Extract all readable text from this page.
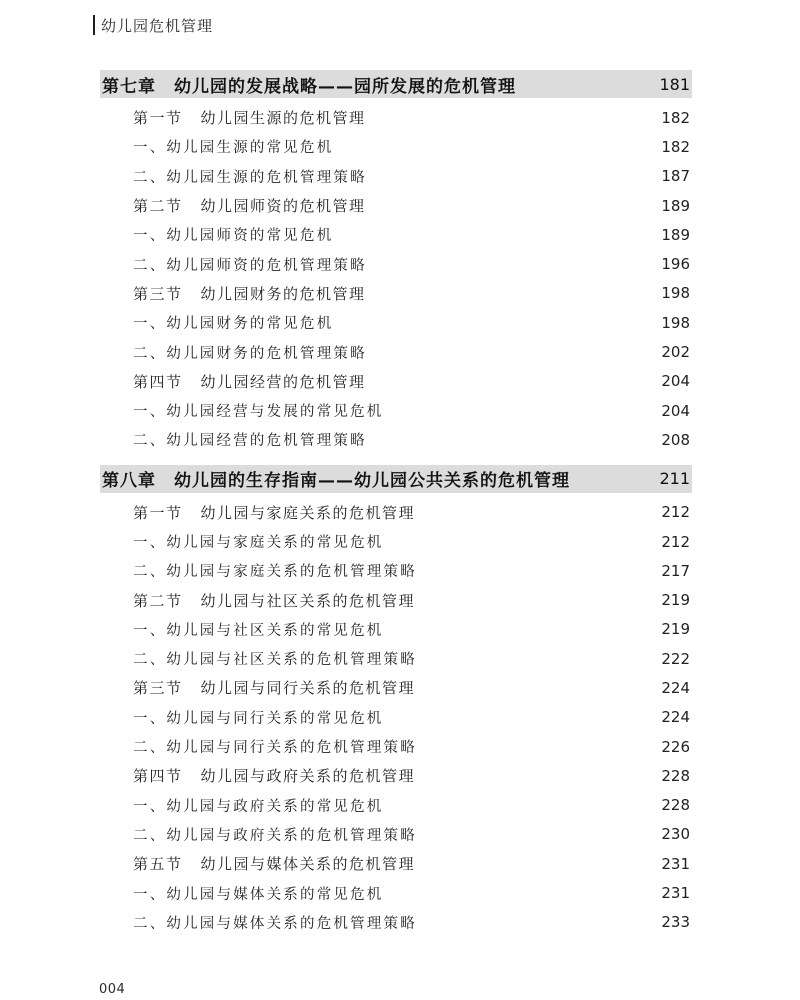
幼儿园危机管理
第七章　幼儿园的发展战略——园所发展的危机管理	181
第一节 幼儿园生源的危机管理	182
一、幼儿园生源的常见危机	182
二、幼儿园生源的危机管理策略	187
第二节 幼儿园师资的危机管理	189
一、幼儿园师资的常见危机	189
二、幼儿园师资的危机管理策略	196
第三节 幼儿园财务的危机管理	198
一、幼儿园财务的常见危机	198
二、幼儿园财务的危机管理策略	202
第四节 幼儿园经营的危机管理	204
一、幼儿园经营与发展的常见危机	204
二、幼儿园经营的危机管理策略	208
第八章　幼儿园的生存指南——幼儿园公共关系的危机管理	211
第一节 幼儿园与家庭关系的危机管理	212
一、幼儿园与家庭关系的常见危机	212
二、幼儿园与家庭关系的危机管理策略	217
第二节 幼儿园与社区关系的危机管理	219
一、幼儿园与社区关系的常见危机	219
二、幼儿园与社区关系的危机管理策略	222
第三节 幼儿园与同行关系的危机管理	224
一、幼儿园与同行关系的常见危机	224
二、幼儿园与同行关系的危机管理策略	226
第四节 幼儿园与政府关系的危机管理	228
一、幼儿园与政府关系的常见危机	228
二、幼儿园与政府关系的危机管理策略	230
第五节 幼儿园与媒体关系的危机管理	231
一、幼儿园与媒体关系的常见危机	231
二、幼儿园与媒体关系的危机管理策略	233
004
